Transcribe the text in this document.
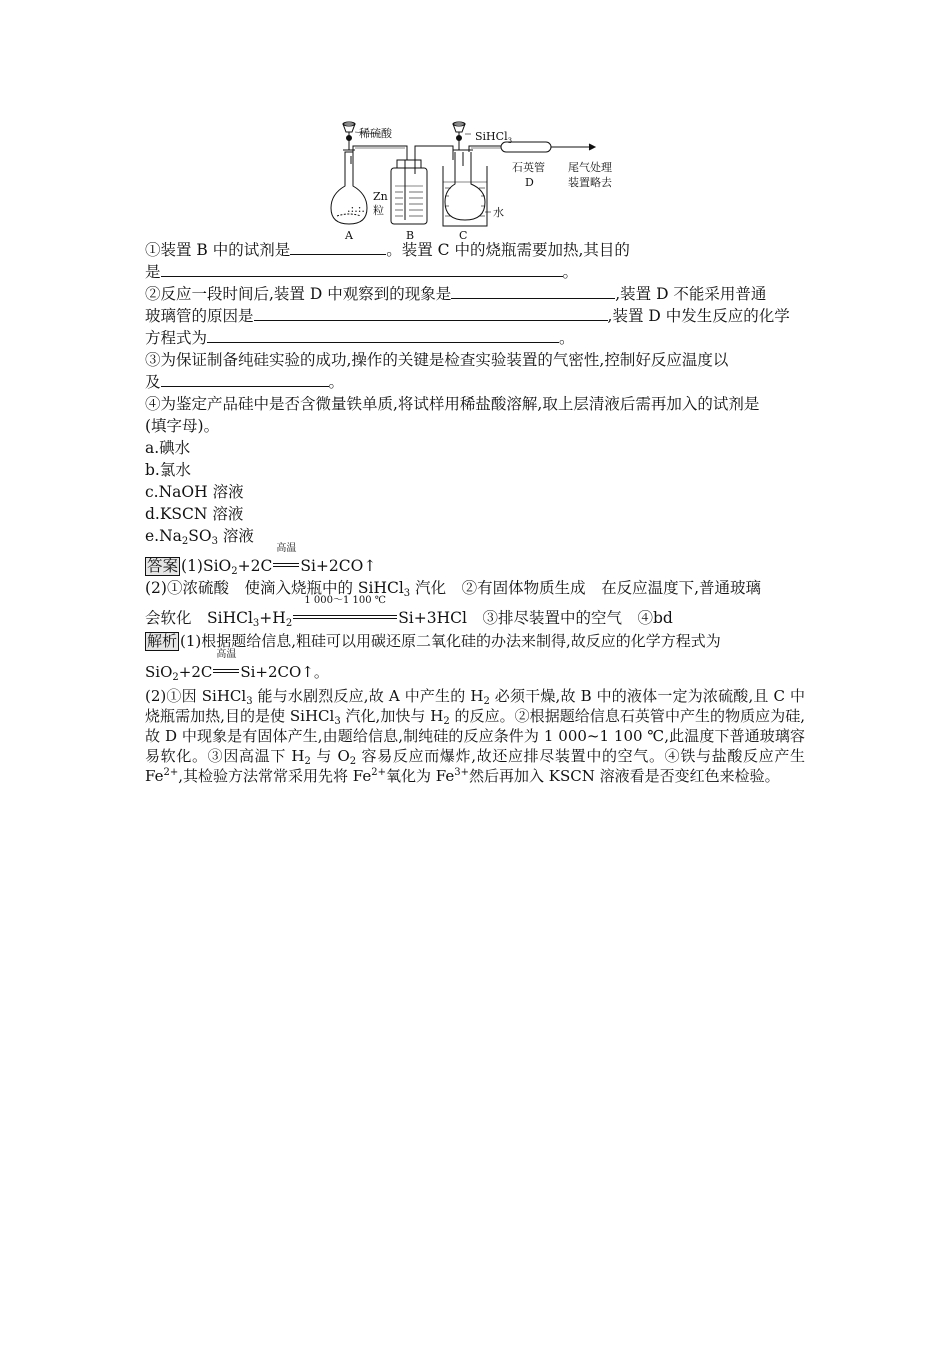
.:.:.
稀硫酸	SiHCl$_3$
石英管
D
尾气处理
装置略去
Zn
粒	水
A	B	C
①装置 B 中的试剂是	。装置 C 中的烧瓶需要加热,其目的
是	。
②反应一段时间后,装置 D 中观察到的现象是	,装置 D 不能采用普通
玻璃管的原因是	,装置 D 中发生反应的化学
方程式为	。
③为保证制备纯硅实验的成功,操作的关键是检查实验装置的气密性,控制好反应温度以
及	。
④为鉴定产品硅中是否含微量铁单质,将试样用稀盐酸溶解,取上层清液后需再加入的试剂是
(填字母)。
a.碘水
b.氯水
c.NaOH 溶液
d.KSCN 溶液
$e.Na_2SO_3$ 溶液
答案 (1)SiO$_2$+2C
高温
Si+2CO↑
(2)①浓硫酸　使滴入烧瓶中的 SiHCl$_3$ 汽化　②有固体物质生成　在反应温度下,普通玻璃
会软化　$SiHCl_3+H_2$
1 000～1 100 ℃
Si+3HCl　③排尽装置中的空气　④bd
解析 (1)根据题给信息,粗硅可以用碳还原二氧化硅的办法来制得,故反应的化学方程式为
SiO$_2$+2C
高温
Si+2CO↑。
(2)①因 SiHCl$_3$ 能与水剧烈反应,故 A 中产生的 $H_2$ 必须干燥,故 B 中的液体一定为浓硫酸,且 C 中烧瓶需加热,目的是使 SiHCl$_3$ 汽化,加快与 $H_2$ 的反应。②根据题给信息石英管中产生的物质应为硅,故 D 中现象是有固体产生,由题给信息,制纯硅的反应条件为 1 000~1 100 ℃,此温度下普通玻璃容易软化。③因高温下 $H_2$ 与 $O_2$ 容易反应而爆炸,故还应排尽装置中的空气。④铁与盐酸反应产生 $Fe^{2+}$,其检验方法常常采用先将 $Fe^{2+}$氧化为 $Fe^{3+}$然后再加入 KSCN 溶液看是否变红色来检验。
